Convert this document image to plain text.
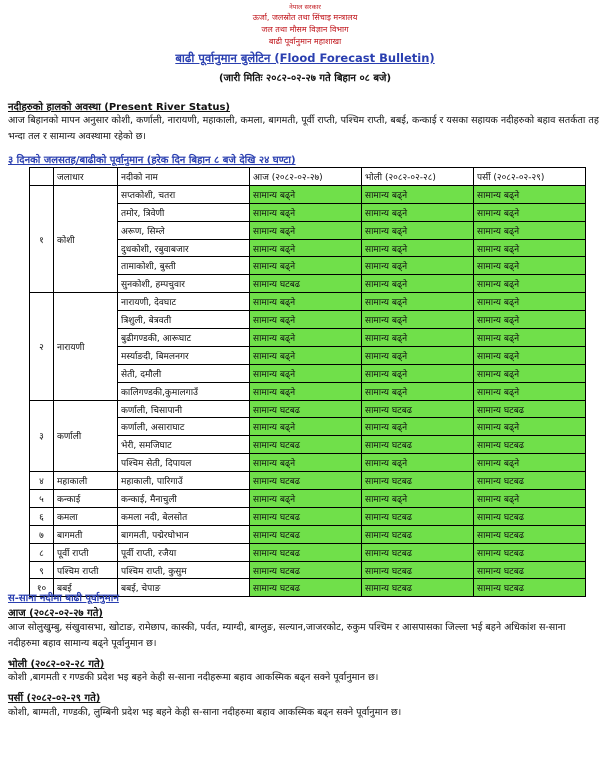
नेपाल सरकार
ऊर्जा, जलस्रोत तथा सिंचाइ मन्त्रालय
जल तथा मौसम विज्ञान विभाग
बाढी पूर्वानुमान महाशाखा
बाढी पूर्वानुमान बुलेटिन (Flood Forecast Bulletin)
(जारी मितिः २०८२-०२-२७ गते बिहान ०८ बजे)
नदीहरुको हालको अवस्था (Present River Status)
आज बिहानको मापन अनुसार कोशी, कर्णाली, नारायणी, महाकाली, कमला, बागमती, पूर्वी राप्ती, पश्चिम राप्ती, बबई, कन्काई र यसका सहायक नदीहरुको बहाव सतर्कता तह भन्दा तल र सामान्य अवस्थामा रहेको छ।
३ दिनको जलसतह/बाढीको पूर्वानुमान (हरेक दिन बिहान ८ बजे देखि २४ घण्टा)
	जलाधार	नदीको नाम	आज (२०८२-०२-२७)	भोली (२०८२-०२-२८)	पर्सी (२०८२-०२-२९)
१	कोशी	सप्तकोशी, चतरा	सामान्य बढ्ने	सामान्य बढ्ने	सामान्य बढ्ने
		तमोर, त्रिवेणी	सामान्य बढ्ने	सामान्य बढ्ने	सामान्य बढ्ने
		अरूण, सिम्ले	सामान्य बढ्ने	सामान्य बढ्ने	सामान्य बढ्ने
		दुधकोशी, रबुवाबजार	सामान्य बढ्ने	सामान्य बढ्ने	सामान्य बढ्ने
		तामाकोशी, बुस्ती	सामान्य बढ्ने	सामान्य बढ्ने	सामान्य बढ्ने
		सुनकोशी, हम्पचुवार	सामान्य घटबढ	सामान्य बढ्ने	सामान्य बढ्ने
२	नारायणी	नारायणी, देवघाट	सामान्य बढ्ने	सामान्य बढ्ने	सामान्य बढ्ने
		त्रिशुली, बेत्रवती	सामान्य बढ्ने	सामान्य बढ्ने	सामान्य बढ्ने
		बुढीगण्डकी, आरूघाट	सामान्य बढ्ने	सामान्य बढ्ने	सामान्य बढ्ने
		मर्स्याङदी, बिमलनगर	सामान्य बढ्ने	सामान्य बढ्ने	सामान्य बढ्ने
		सेती, दमौली	सामान्य बढ्ने	सामान्य बढ्ने	सामान्य बढ्ने
		कालिगण्डकी,कुमालगाउँ	सामान्य बढ्ने	सामान्य बढ्ने	सामान्य बढ्ने
३	कर्णाली	कर्णाली, चिसापानी	सामान्य घटबढ	सामान्य घटबढ	सामान्य घटबढ
		कर्णाली, असाराघाट	सामान्य बढ्ने	सामान्य बढ्ने	सामान्य बढ्ने
		भेरी, समजिघाट	सामान्य घटबढ	सामान्य घटबढ	सामान्य घटबढ
		पश्चिम सेती, दिपायल	सामान्य बढ्ने	सामान्य बढ्ने	सामान्य बढ्ने
४	महाकाली	महाकाली, पारिगाउँ	सामान्य घटबढ	सामान्य घटबढ	सामान्य घटबढ
५	कन्काई	कन्काई, मैनाचुली	सामान्य बढ्ने	सामान्य बढ्ने	सामान्य बढ्ने
६	कमला	कमला नदी, बेलसोत	सामान्य घटबढ	सामान्य घटबढ	सामान्य घटबढ
७	बागमती	बागमती, पद्मेरघोभान	सामान्य घटबढ	सामान्य घटबढ	सामान्य घटबढ
८	पूर्वी राप्ती	पूर्वी राप्ती, रजैया	सामान्य घटबढ	सामान्य घटबढ	सामान्य घटबढ
९	पश्चिम राप्ती	पश्चिम राप्ती, कुसुम	सामान्य घटबढ	सामान्य घटबढ	सामान्य घटबढ
१०	बबई	बबई, चेपाङ	सामान्य घटबढ	सामान्य घटबढ	सामान्य घटबढ
स-साना नदीमा बाढी पूर्वानुमान
आज (२०८२-०२-२७ गते)
आज सोलुखुम्बु, संखुवासभा, खोटाङ, रामेछाप, कास्की, पर्वत, म्याग्दी, बाग्लुङ, सल्यान,जाजरकोट, रुकुम पश्चिम र आसपासका जिल्ला भई बहने अधिकांश स-साना नदीहरुमा बहाव सामान्य बढ्ने पूर्वानुमान छ।
भोली (२०८२-०२-२८ गते)
कोशी ,बागमती र गण्डकी प्रदेश भइ बहने केही स-साना नदीहरूमा बहाव आकस्मिक बढ्न सक्ने पूर्वानुमान छ।
पर्सी (२०८२-०२-२९ गते)
कोशी, बाग्मती, गण्डकी, लुम्बिनी प्रदेश भइ बहने केही स-साना नदीहरुमा बहाव आकस्मिक बढ्न सक्ने पूर्वानुमान छ।
